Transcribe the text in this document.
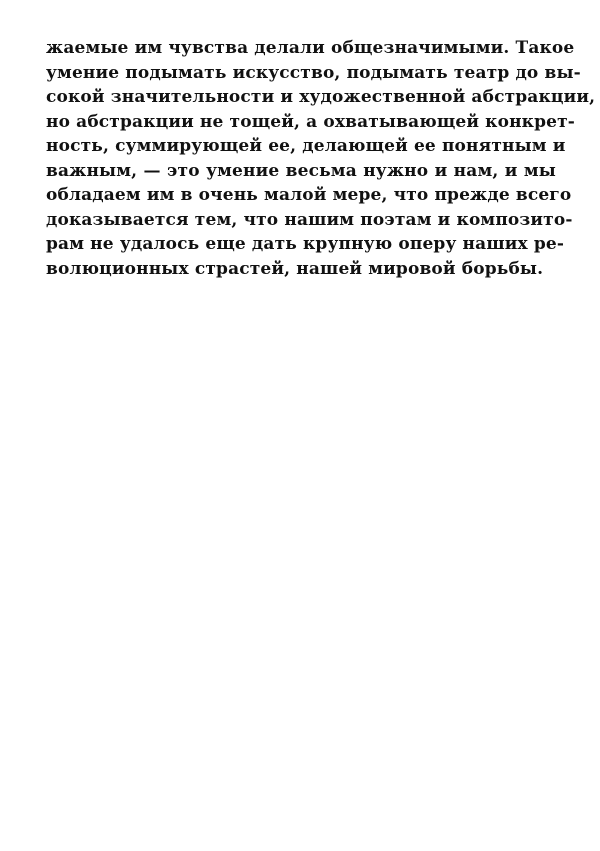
жаемые им чувства делали общезначимыми. Такое
умение подымать искусство, подымать театр до вы-
сокой значительности и художественной абстракции,
но абстракции не тощей, а охватывающей конкрет-
ность, суммирующей ее, делающей ее понятным и
важным, — это умение весьма нужно и нам, и мы
обладаем им в очень малой мере, что прежде всего
доказывается тем, что нашим поэтам и композито-
рам не удалось еще дать крупную оперу наших ре-
волюционных страстей, нашей мировой борьбы.
